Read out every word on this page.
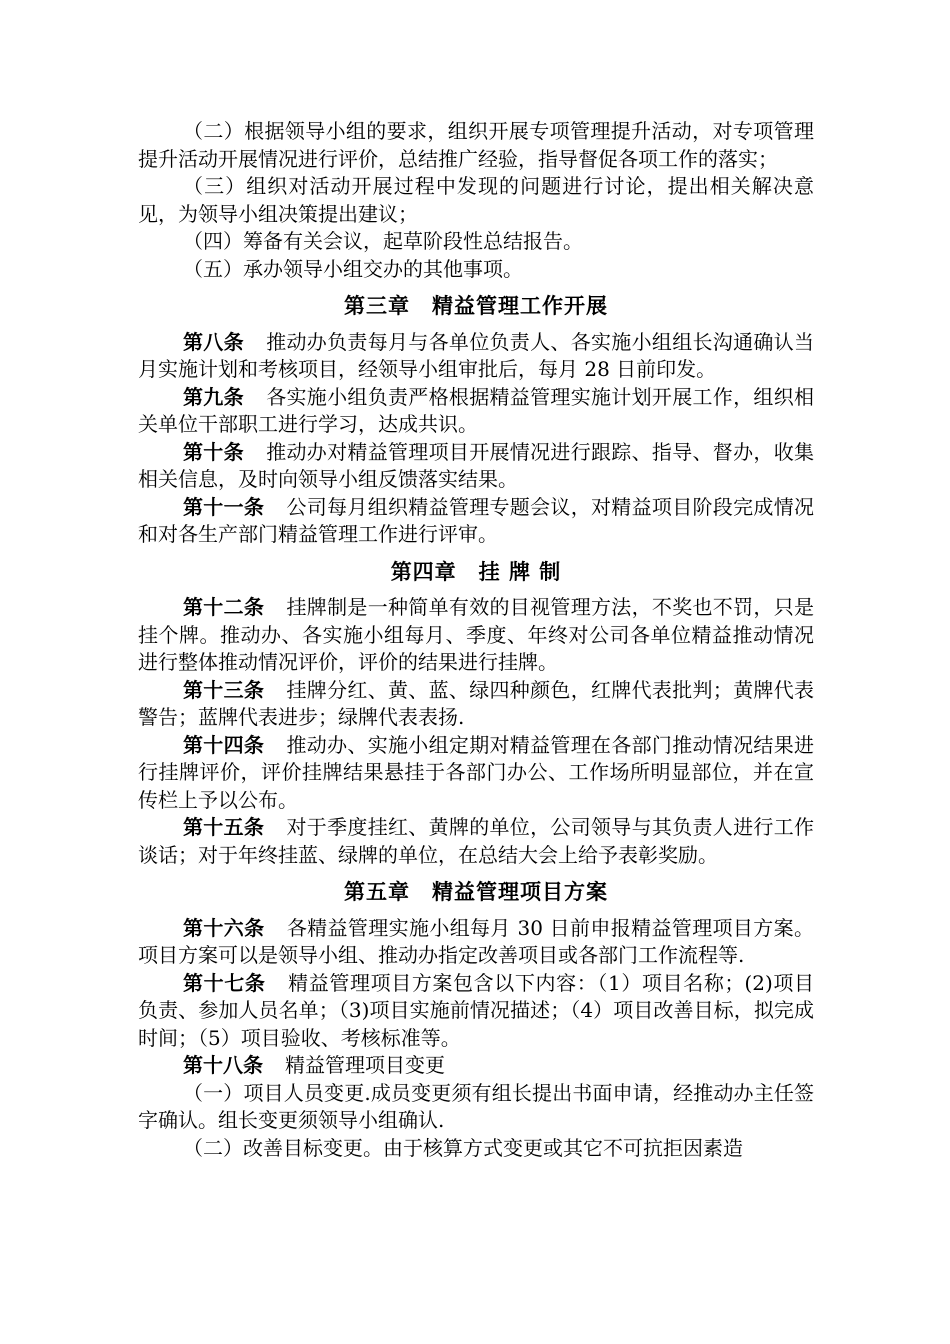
（二）根据领导小组的要求，组织开展专项管理提升活动，对专项管理提升活动开展情况进行评价，总结推广经验，指导督促各项工作的落实；

（三）组织对活动开展过程中发现的问题进行讨论，提出相关解决意见，为领导小组决策提出建议；

（四）筹备有关会议，起草阶段性总结报告。

（五）承办领导小组交办的其他事项。

第三章　精益管理工作开展

第八条 推动办负责每月与各单位负责人、各实施小组组长沟通确认当月实施计划和考核项目，经领导小组审批后，每月 28 日前印发。

第九条 各实施小组负责严格根据精益管理实施计划开展工作，组织相关单位干部职工进行学习，达成共识。

第十条 推动办对精益管理项目开展情况进行跟踪、指导、督办，收集相关信息，及时向领导小组反馈落实结果。

第十一条 公司每月组织精益管理专题会议，对精益项目阶段完成情况和对各生产部门精益管理工作进行评审。

第四章　挂 牌 制

第十二条 挂牌制是一种简单有效的目视管理方法，不奖也不罚，只是挂个牌。推动办、各实施小组每月、季度、年终对公司各单位精益推动情况进行整体推动情况评价，评价的结果进行挂牌。

第十三条 挂牌分红、黄、蓝、绿四种颜色，红牌代表批判；黄牌代表警告；蓝牌代表进步；绿牌代表表扬.

第十四条 推动办、实施小组定期对精益管理在各部门推动情况结果进行挂牌评价，评价挂牌结果悬挂于各部门办公、工作场所明显部位，并在宣传栏上予以公布。

第十五条 对于季度挂红、黄牌的单位，公司领导与其负责人进行工作谈话；对于年终挂蓝、绿牌的单位，在总结大会上给予表彰奖励。

第五章　精益管理项目方案

第十六条 各精益管理实施小组每月 30 日前申报精益管理项目方案。项目方案可以是领导小组、推动办指定改善项目或各部门工作流程等.

第十七条 精益管理项目方案包含以下内容：（1）项目名称；(2)项目负责、参加人员名单；（3)项目实施前情况描述；（4）项目改善目标，拟完成时间；（5）项目验收、考核标准等。

第十八条 精益管理项目变更

（一）项目人员变更.成员变更须有组长提出书面申请，经推动办主任签字确认。组长变更须领导小组确认.

（二）改善目标变更。由于核算方式变更或其它不可抗拒因素造
